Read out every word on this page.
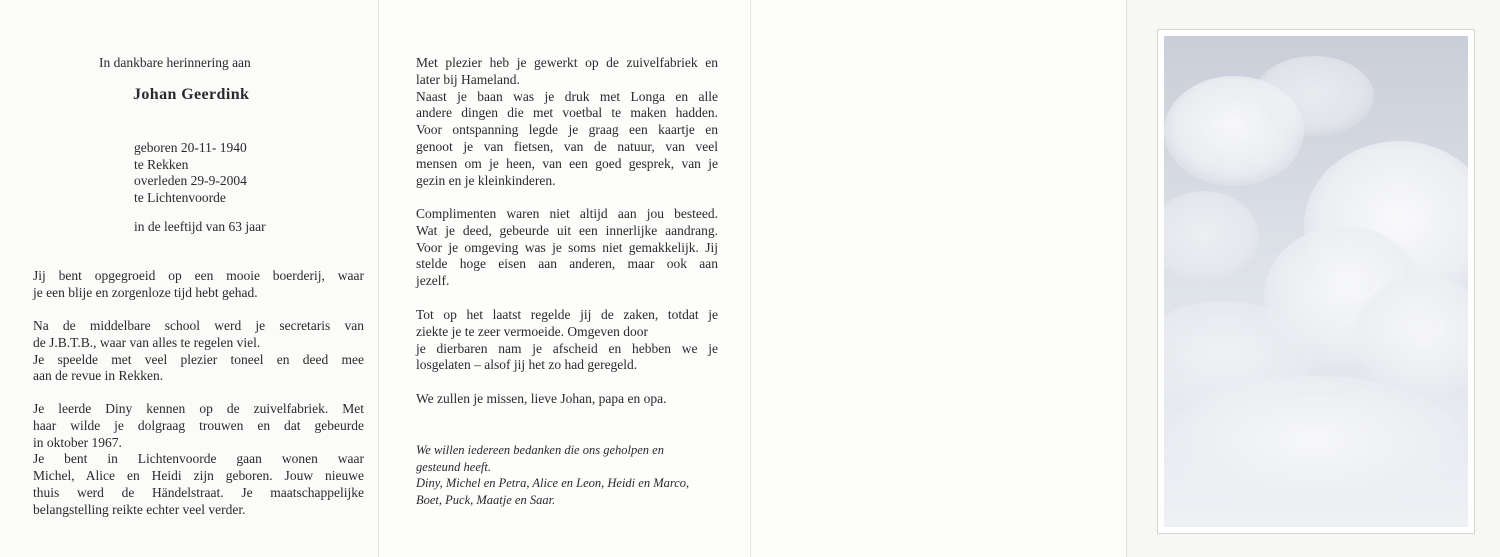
In dankbare herinnering aan
Johan Geerdink
geboren 20-11- 1940
te Rekken
overleden 29-9-2004
te Lichtenvoorde
in de leeftijd van 63 jaar
Jij bent opgegroeid op een mooie boerderij, waar
je een blije en zorgenloze tijd hebt gehad.
Na de middelbare school werd je secretaris van
de J.B.T.B., waar van alles te regelen viel.
Je speelde met veel plezier toneel en deed mee
aan de revue in Rekken.
Je leerde Diny kennen op de zuivelfabriek. Met
haar wilde je dolgraag trouwen en dat gebeurde
in oktober 1967.
Je bent in Lichtenvoorde gaan wonen waar
Michel, Alice en Heidi zijn geboren. Jouw nieuwe
thuis werd de Händelstraat. Je maatschappelijke
belangstelling reikte echter veel verder.
Met plezier heb je gewerkt op de zuivelfabriek en
later bij Hameland.
Naast je baan was je druk met Longa en alle
andere dingen die met voetbal te maken hadden.
Voor ontspanning legde je graag een kaartje en
genoot je van fietsen, van de natuur, van veel
mensen om je heen, van een goed gesprek, van je
gezin en je kleinkinderen.
Complimenten waren niet altijd aan jou besteed.
Wat je deed, gebeurde uit een innerlijke aandrang.
Voor je omgeving was je soms niet gemakkelijk. Jij
stelde hoge eisen aan anderen, maar ook aan
jezelf.
Tot op het laatst regelde jij de zaken, totdat je
ziekte je te zeer vermoeide. Omgeven door
je dierbaren nam je afscheid en hebben we je
losgelaten – alsof jij het zo had geregeld.
We zullen je missen, lieve Johan, papa en opa.
We willen iedereen bedanken die ons geholpen en
gesteund heeft.
Diny, Michel en Petra, Alice en Leon, Heidi en Marco,
Boet, Puck, Maatje en Saar.
